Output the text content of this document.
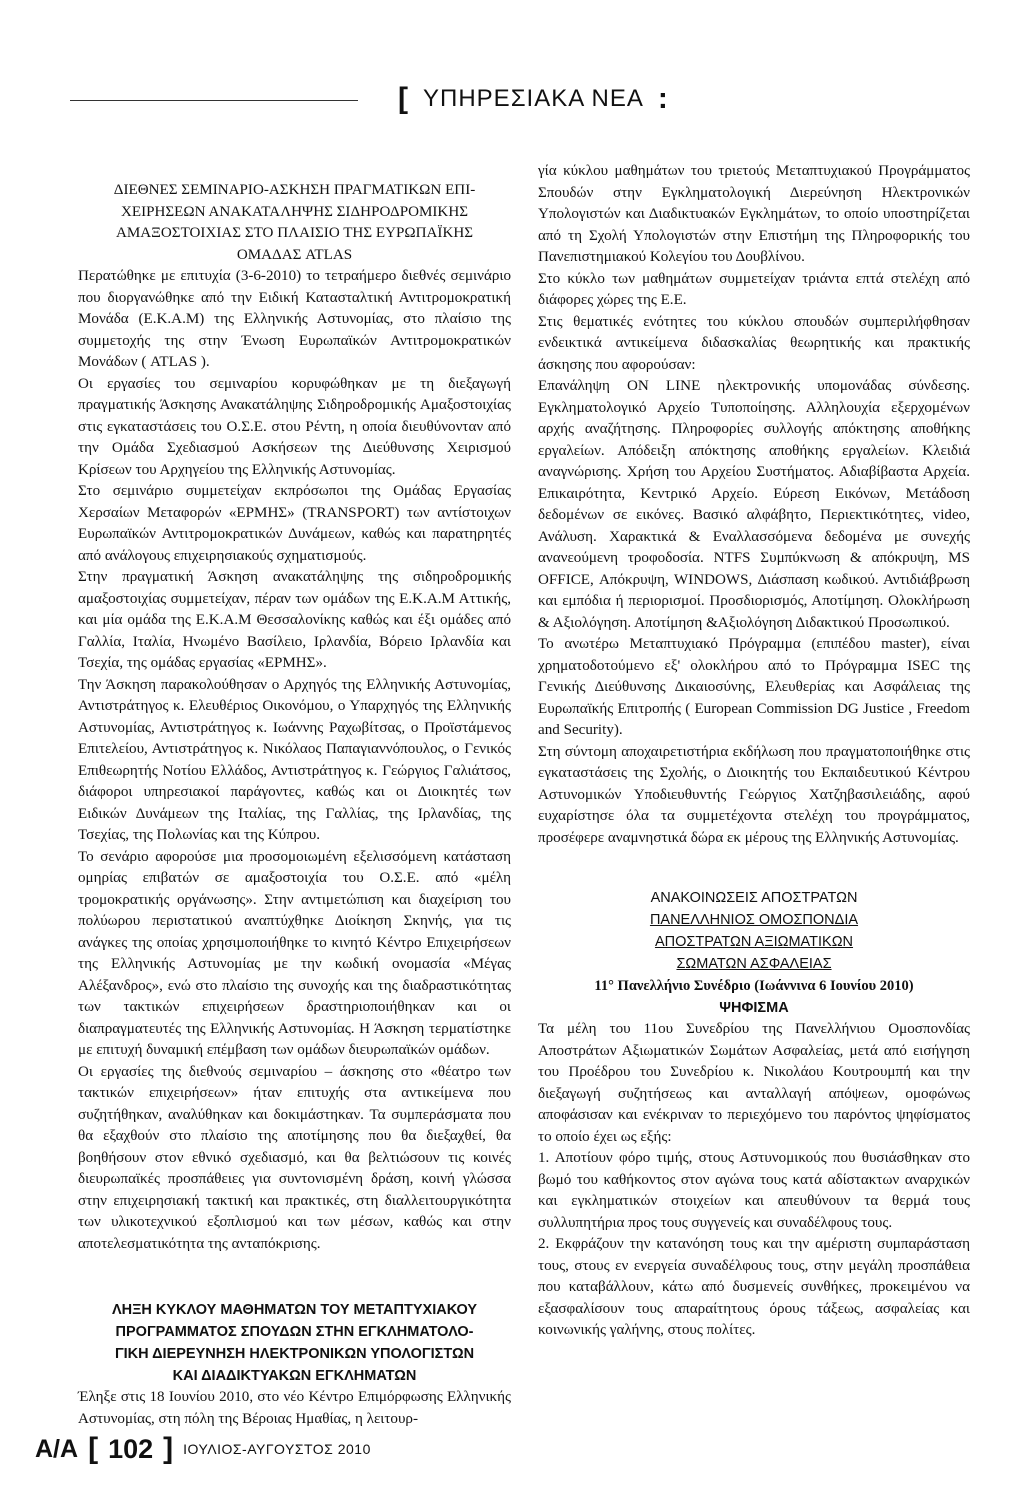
[ ΥΠΗΡΕΣΙΑΚΑ ΝΕΑ :
ΔΙΕΘΝΕΣ ΣΕΜΙΝΑΡΙΟ-ΑΣΚΗΣΗ ΠΡΑΓΜΑΤΙΚΩΝ ΕΠΙ-
ΧΕΙΡΗΣΕΩΝ ΑΝΑΚΑΤΑΛΗΨΗΣ ΣΙΔΗΡΟΔΡΟΜΙΚΗΣ
ΑΜΑΞΟΣΤΟΙΧΙΑΣ ΣΤΟ ΠΛΑΙΣΙΟ ΤΗΣ ΕΥΡΩΠΑΪΚΗΣ
ΟΜΑΔΑΣ ATLAS

Περατώθηκε με επιτυχία (3-6-2010) το τετραήμερο διεθνές σεμινάριο που διοργανώθηκε από την Ειδική Κατασταλτική Αντιτρομοκρατική Μονάδα (Ε.Κ.Α.Μ) της Ελληνικής Αστυνομίας, στο πλαίσιο της συμμετοχής της στην Ένωση Ευρωπαϊκών Αντιτρομοκρατικών Μονάδων ( ATLAS ).

Οι εργασίες του σεμιναρίου κορυφώθηκαν με τη διεξαγωγή πραγματικής Άσκησης Ανακατάληψης Σιδηροδρομικής Αμαξοστοιχίας στις εγκαταστάσεις του Ο.Σ.Ε. στου Ρέντη, η οποία διευθύνονταν από την Ομάδα Σχεδιασμού Ασκήσεων της Διεύθυνσης Χειρισμού Κρίσεων του Αρχηγείου της Ελληνικής Αστυνομίας.

Στο σεμινάριο συμμετείχαν εκπρόσωποι της Ομάδας Εργασίας Χερσαίων Μεταφορών «ΕΡΜΗΣ» (TRANSPORT) των αντίστοιχων Ευρωπαϊκών Αντιτρομοκρατικών Δυνάμεων, καθώς και παρατηρητές από ανάλογους επιχειρησιακούς σχηματισμούς.

Στην πραγματική Άσκηση ανακατάληψης της σιδηροδρομικής αμαξοστοιχίας συμμετείχαν, πέραν των ομάδων της Ε.Κ.Α.Μ Αττικής, και μία ομάδα της Ε.Κ.Α.Μ Θεσσαλονίκης καθώς και έξι ομάδες από Γαλλία, Ιταλία, Ηνωμένο Βασίλειο, Ιρλανδία, Βόρειο Ιρλανδία και Τσεχία, της ομάδας εργασίας «ΕΡΜΗΣ».

Την Άσκηση παρακολούθησαν ο Αρχηγός της Ελληνικής Αστυνομίας, Αντιστράτηγος κ. Ελευθέριος Οικονόμου, ο Υπαρχηγός της Ελληνικής Αστυνομίας, Αντιστράτηγος κ. Ιωάννης Ραχωβίτσας, ο Προϊστάμενος Επιτελείου, Αντιστράτηγος κ. Νικόλαος Παπαγιαννόπουλος, ο Γενικός Επιθεωρητής Νοτίου Ελλάδος, Αντιστράτηγος κ. Γεώργιος Γαλιάτσος, διάφοροι υπηρεσιακοί παράγοντες, καθώς και οι Διοικητές των Ειδικών Δυνάμεων της Ιταλίας, της Γαλλίας, της Ιρλανδίας, της Τσεχίας, της Πολωνίας και της Κύπρου.

Το σενάριο αφορούσε μια προσομοιωμένη εξελισσόμενη κατάσταση ομηρίας επιβατών σε αμαξοστοιχία του Ο.Σ.Ε. από «μέλη τρομοκρατικής οργάνωσης». Στην αντιμετώπιση και διαχείριση του πολύωρου περιστατικού αναπτύχθηκε Διοίκηση Σκηνής, για τις ανάγκες της οποίας χρησιμοποιήθηκε το κινητό Κέντρο Επιχειρήσεων της Ελληνικής Αστυνομίας με την κωδική ονομασία «Μέγας Αλέξανδρος», ενώ στο πλαίσιο της συνοχής και της διαδραστικότητας των τακτικών επιχειρήσεων δραστηριοποιήθηκαν και οι διαπραγματευτές της Ελληνικής Αστυνομίας. Η Άσκηση τερματίστηκε με επιτυχή δυναμική επέμβαση των ομάδων διευρωπαϊκών ομάδων.

Οι εργασίες της διεθνούς σεμιναρίου – άσκησης στο «θέατρο των τακτικών επιχειρήσεων» ήταν επιτυχής στα αντικείμενα που συζητήθηκαν, αναλύθηκαν και δοκιμάστηκαν. Τα συμπεράσματα που θα εξαχθούν στο πλαίσιο της αποτίμησης που θα διεξαχθεί, θα βοηθήσουν στον εθνικό σχεδιασμό, και θα βελτιώσουν τις κοινές διευρωπαϊκές προσπάθειες για συντονισμένη δράση, κοινή γλώσσα στην επιχειρησιακή τακτική και πρακτικές, στη διαλλειτουργικότητα των υλικοτεχνικού εξοπλισμού και των μέσων, καθώς και στην αποτελεσματικότητα της ανταπόκρισης.

ΛΗΞΗ ΚΥΚΛΟΥ ΜΑΘΗΜΑΤΩΝ ΤΟΥ ΜΕΤΑΠΤΥΧΙΑΚΟΥ
ΠΡΟΓΡΑΜΜΑΤΟΣ ΣΠΟΥΔΩΝ ΣΤΗΝ ΕΓΚΛΗΜΑΤΟΛΟ-
ΓΙΚΗ ΔΙΕΡΕΥΝΗΣΗ ΗΛΕΚΤΡΟΝΙΚΩΝ ΥΠΟΛΟΓΙΣΤΩΝ
ΚΑΙ ΔΙΑΔΙΚΤΥΑΚΩΝ ΕΓΚΛΗΜΑΤΩΝ

Έληξε στις 18 Ιουνίου 2010, στο νέο Κέντρο Επιμόρφωσης Ελληνικής Αστυνομίας, στη πόλη της Βέροιας Ημαθίας, η λειτουρ-

γία κύκλου μαθημάτων του τριετούς Μεταπτυχιακού Προγράμματος Σπουδών στην Εγκληματολογική Διερεύνηση Ηλεκτρονικών Υπολογιστών και Διαδικτυακών Εγκλημάτων, το οποίο υποστηρίζεται από τη Σχολή Υπολογιστών στην Επιστήμη της Πληροφορικής του Πανεπιστημιακού Κολεγίου του Δουβλίνου.

Στο κύκλο των μαθημάτων συμμετείχαν τριάντα επτά στελέχη από διάφορες χώρες της Ε.Ε.

Στις θεματικές ενότητες του κύκλου σπουδών συμπεριλήφθησαν ενδεικτικά αντικείμενα διδασκαλίας θεωρητικής και πρακτικής άσκησης που αφορούσαν:

Επανάληψη ON LINE ηλεκτρονικής υπομονάδας σύνδεσης. Εγκληματολογικό Αρχείο Τυποποίησης. Αλληλουχία εξερχομένων αρχής αναζήτησης. Πληροφορίες συλλογής απόκτησης αποθήκης εργαλείων. Απόδειξη απόκτησης αποθήκης εργαλείων. Κλειδιά αναγνώρισης. Χρήση του Αρχείου Συστήματος. Αδιαβίβαστα Αρχεία. Επικαιρότητα, Κεντρικό Αρχείο. Εύρεση Εικόνων, Μετάδοση δεδομένων σε εικόνες. Βασικό αλφάβητο, Περιεκτικότητες, video, Ανάλυση. Χαρακτικά & Εναλλασσόμενα δεδομένα με συνεχής ανανεούμενη τροφοδοσία. NTFS Συμπύκνωση & απόκρυψη, MS OFFICE, Απόκρυψη, WINDOWS, Διάσπαση κωδικού. Αντιδιάβρωση και εμπόδια ή περιορισμοί. Προσδιορισμός, Αποτίμηση. Ολοκλήρωση & Αξιολόγηση. Αποτίμηση &Αξιολόγηση Διδακτικού Προσωπικού.

Το ανωτέρω Μεταπτυχιακό Πρόγραμμα (επιπέδου master), είναι χρηματοδοτούμενο εξ' ολοκλήρου από το Πρόγραμμα ISEC της Γενικής Διεύθυνσης Δικαιοσύνης, Ελευθερίας και Ασφάλειας της Ευρωπαϊκής Επιτροπής ( European Commission DG Justice , Freedom and Security).

Στη σύντομη αποχαιρετιστήρια εκδήλωση που πραγματοποιήθηκε στις εγκαταστάσεις της Σχολής, ο Διοικητής του Εκπαιδευτικού Κέντρου Αστυνομικών Υποδιευθυντής Γεώργιος Χατζηβασιλειάδης, αφού ευχαρίστησε όλα τα συμμετέχοντα στελέχη του προγράμματος, προσέφερε αναμνηστικά δώρα εκ μέρους της Ελληνικής Αστυνομίας.

ΑΝΑΚΟΙΝΩΣΕΙΣ ΑΠΟΣΤΡΑΤΩΝ
ΠΑΝΕΛΛΗΝΙΟΣ ΟΜΟΣΠΟΝΔΙΑ
ΑΠΟΣΤΡΑΤΩΝ ΑΞΙΩΜΑΤΙΚΩΝ
ΣΩΜΑΤΩΝ ΑΣΦΑΛΕΙΑΣ
11° Πανελλήνιο Συνέδριο (Ιωάννινα 6 Ιουνίου 2010)
ΨΗΦΙΣΜΑ

Τα μέλη του 11ου Συνεδρίου της Πανελλήνιου Ομοσπονδίας Αποστράτων Αξιωματικών Σωμάτων Ασφαλείας, μετά από εισήγηση του Προέδρου του Συνεδρίου κ. Νικολάου Κουτρουμπή και την διεξαγωγή συζητήσεως και ανταλλαγή απόψεων, ομοφώνως αποφάσισαν και ενέκριναν το περιεχόμενο του παρόντος ψηφίσματος το οποίο έχει ως εξής:

1. Αποτίουν φόρο τιμής, στους Αστυνομικούς που θυσιάσθηκαν στο βωμό του καθήκοντος στον αγώνα τους κατά αδίστακτων αναρχικών και εγκληματικών στοιχείων και απευθύνουν τα θερμά τους συλλυπητήρια προς τους συγγενείς και συναδέλφους τους.

2. Εκφράζουν την κατανόηση τους και την αμέριστη συμπαράσταση τους, στους εν ενεργεία συναδέλφους τους, στην μεγάλη προσπάθεια που καταβάλλουν, κάτω από δυσμενείς συνθήκες, προκειμένου να εξασφαλίσουν τους απαραίτητους όρους τάξεως, ασφαλείας και κοινωνικής γαλήνης, στους πολίτες.

Α/Α [ 102 ] ΙΟΥΛΙΟΣ-ΑΥΓΟΥΣΤΟΣ 2010
